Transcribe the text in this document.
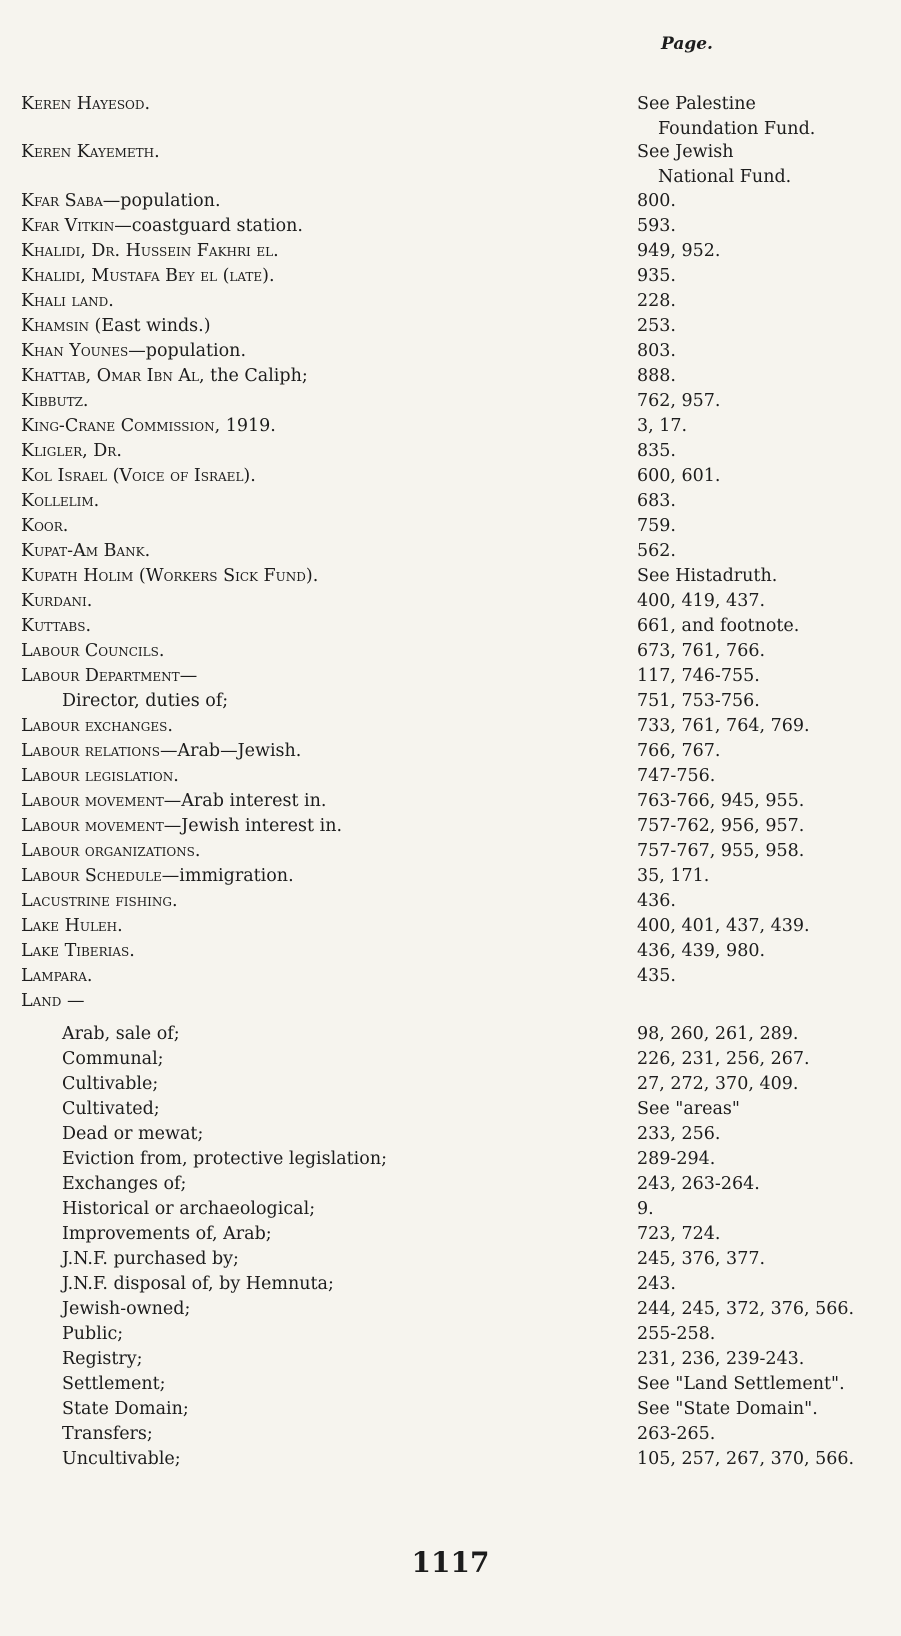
Page.
Keren Hayesod.	See Palestine
Foundation Fund.
Keren Kayemeth.	See Jewish
National Fund.
Kfar Saba—population.	800.
Kfar Vitkin—coastguard station.	593.
Khalidi, Dr. Hussein Fakhri el.	949, 952.
Khalidi, Mustafa Bey el (late).	935.
Khali land.	228.
Khamsin (East winds.)	253.
Khan Younes—population.	803.
Khattab, Omar Ibn Al, the Caliph;	888.
Kibbutz.	762, 957.
King-Crane Commission, 1919.	3, 17.
Kligler, Dr.	835.
Kol Israel (Voice of Israel).	600, 601.
Kollelim.	683.
Koor.	759.
Kupat-Am Bank.	562.
Kupath Holim (Workers Sick Fund).	See Histadruth.
Kurdani.	400, 419, 437.
Kuttabs.	661, and footnote.
Labour Councils.	673, 761, 766.
Labour Department—	117, 746-755.
Director, duties of;	751, 753-756.
Labour exchanges.	733, 761, 764, 769.
Labour relations—Arab—Jewish.	766, 767.
Labour legislation.	747-756.
Labour movement—Arab interest in.	763-766, 945, 955.
Labour movement—Jewish interest in.	757-762, 956, 957.
Labour organizations.	757-767, 955, 958.
Labour Schedule—immigration.	35, 171.
Lacustrine fishing.	436.
Lake Huleh.	400, 401, 437, 439.
Lake Tiberias.	436, 439, 980.
Lampara.	435.
Land —
Arab, sale of;	98, 260, 261, 289.
Communal;	226, 231, 256, 267.
Cultivable;	27, 272, 370, 409.
Cultivated;	See "areas"
Dead or mewat;	233, 256.
Eviction from, protective legislation;	289-294.
Exchanges of;	243, 263-264.
Historical or archaeological;	9.
Improvements of, Arab;	723, 724.
J.N.F. purchased by;	245, 376, 377.
J.N.F. disposal of, by Hemnuta;	243.
Jewish-owned;	244, 245, 372, 376, 566.
Public;	255-258.
Registry;	231, 236, 239-243.
Settlement;	See "Land Settlement".
State Domain;	See "State Domain".
Transfers;	263-265.
Uncultivable;	105, 257, 267, 370, 566.
1117
